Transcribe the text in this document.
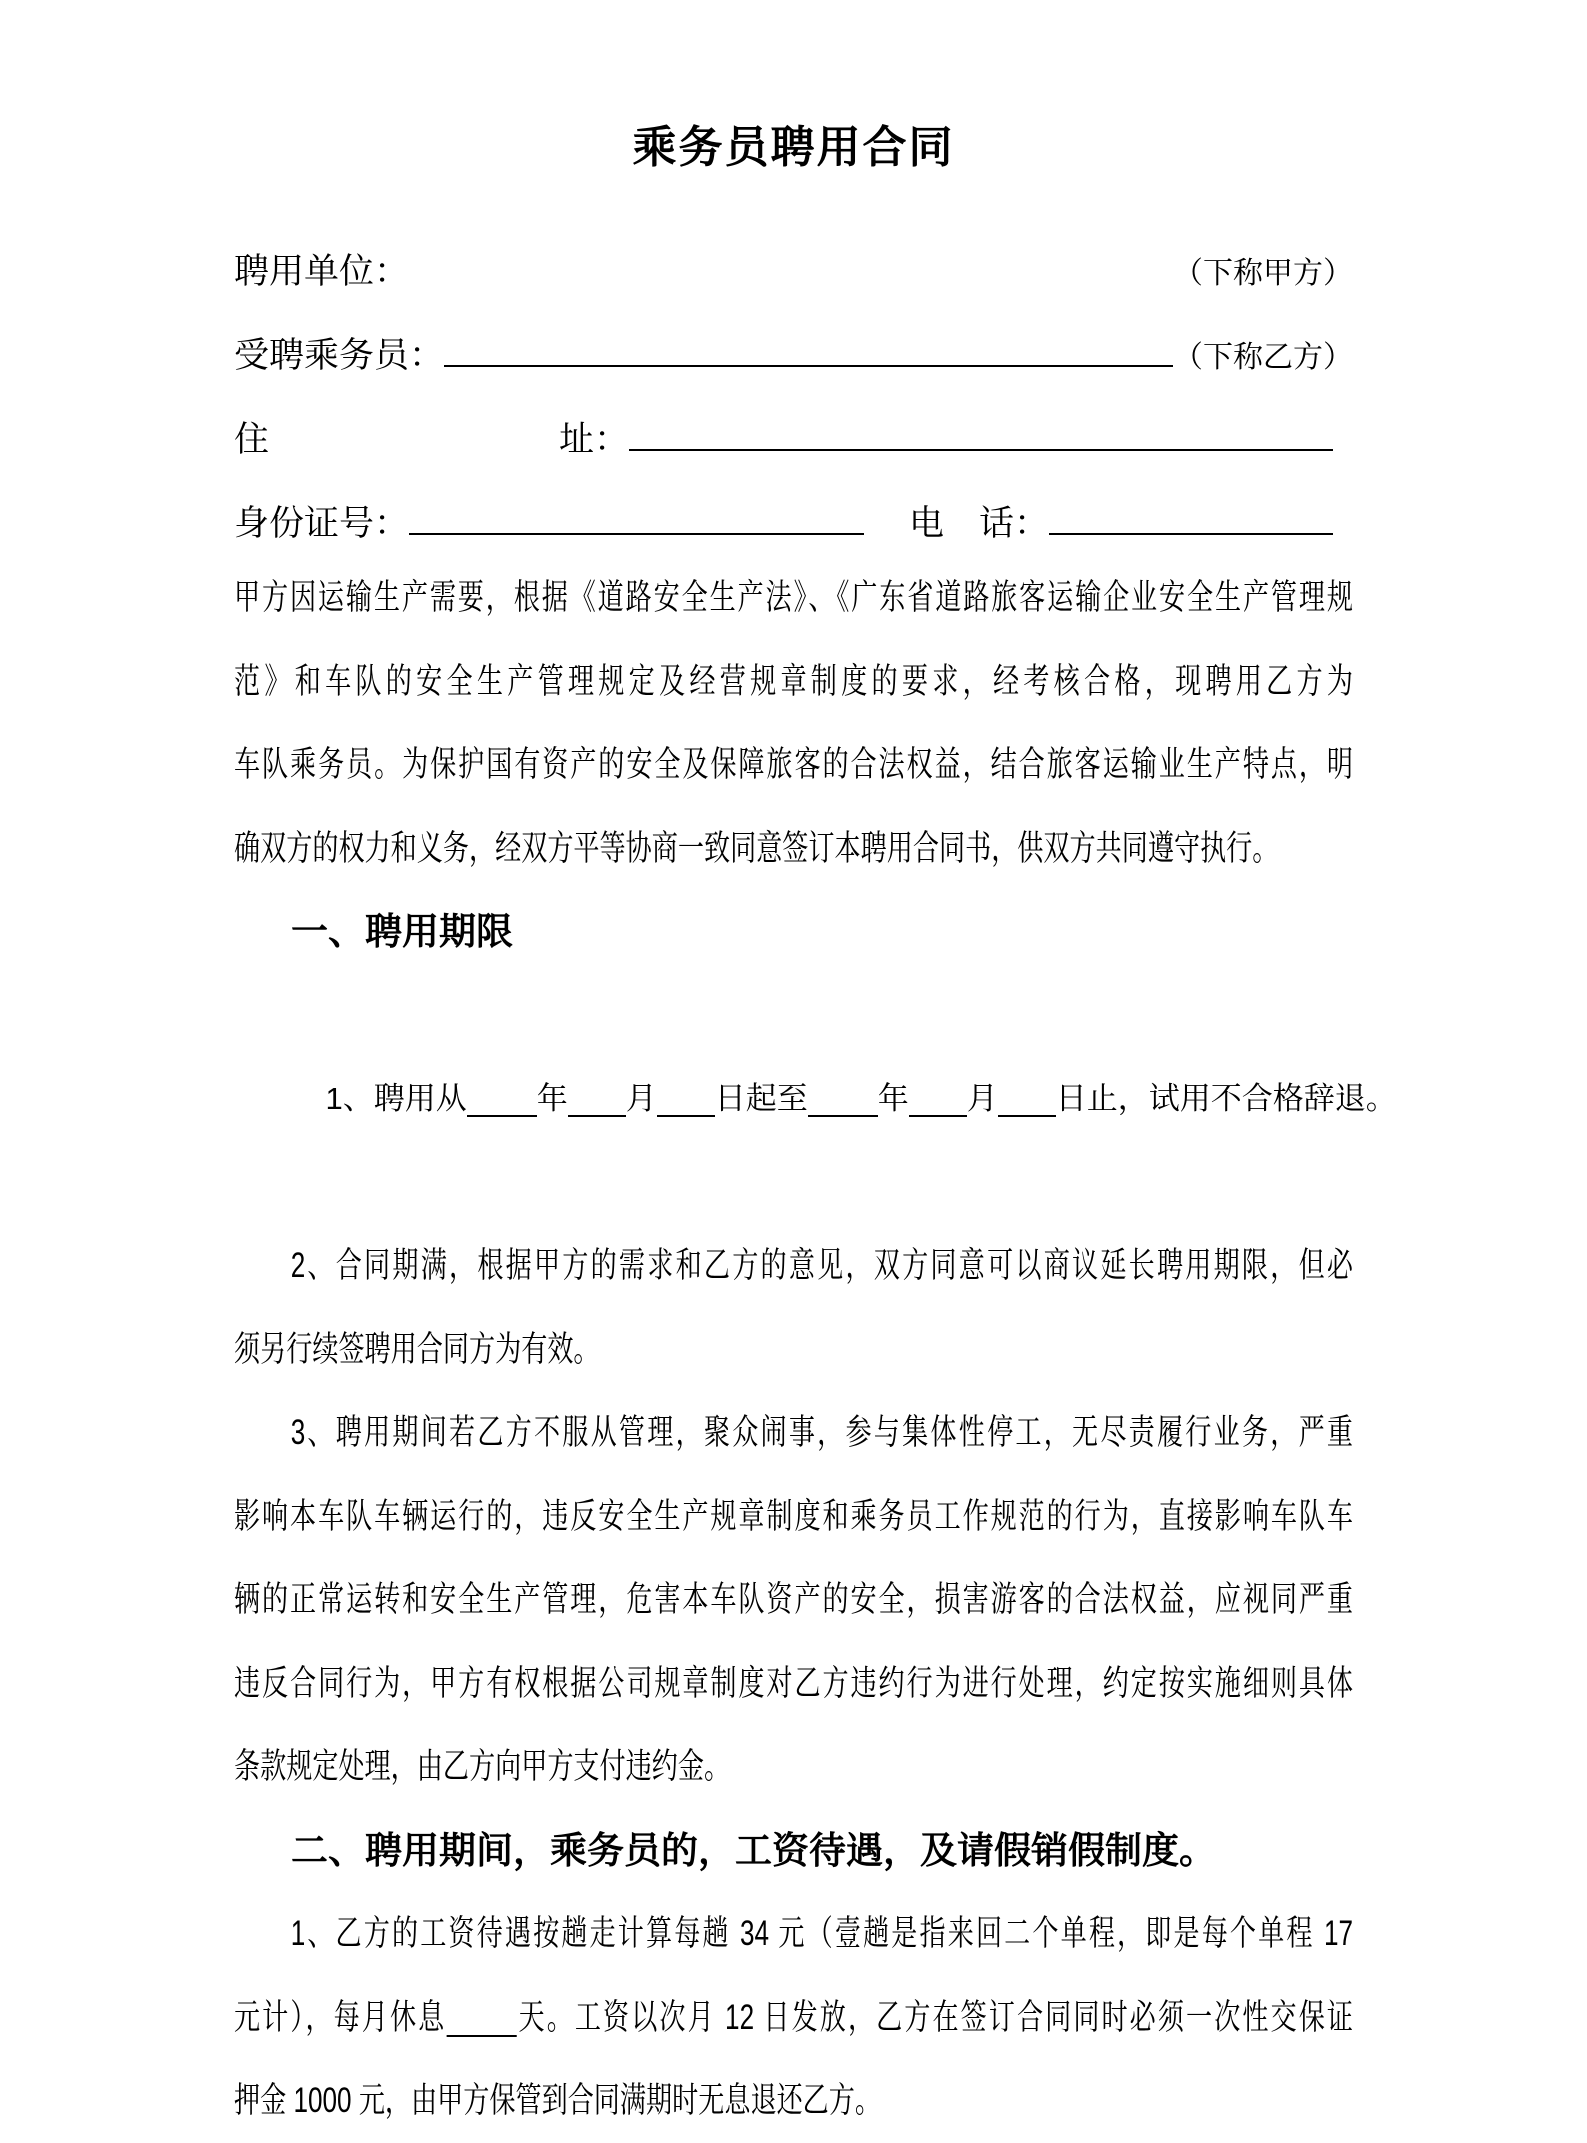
乘务员聘用合同
聘用单位：	（下称甲方）
受聘乘务员：	（下称乙方）
住	址：
身份证号：	电　话：
甲方因运输生产需要，根据《道路安全生产法》、《广东省道路旅客运输企业安全生产管理规
范》和车队的安全生产管理规定及经营规章制度的要求，经考核合格，现聘用乙方为
车队乘务员。为保护国有资产的安全及保障旅客的合法权益，结合旅客运输业生产特点，明
确双方的权力和义务，经双方平等协商一致同意签订本聘用合同书，供双方共同遵守执行。
一、聘用期限

1、聘用从 年 月 日起至 年 月 日止，试用不合格辞退。

2、合同期满，根据甲方的需求和乙方的意见，双方同意可以商议延长聘用期限，但必
须另行续签聘用合同方为有效。
3、聘用期间若乙方不服从管理，聚众闹事，参与集体性停工，无尽责履行业务，严重
影响本车队车辆运行的，违反安全生产规章制度和乘务员工作规范的行为，直接影响车队车
辆的正常运转和安全生产管理，危害本车队资产的安全，损害游客的合法权益，应视同严重
违反合同行为，甲方有权根据公司规章制度对乙方违约行为进行处理，约定按实施细则具体
条款规定处理，由乙方向甲方支付违约金。
二、聘用期间，乘务员的，工资待遇，及请假销假制度。
1、乙方的工资待遇按趟走计算每趟 34 元（壹趟是指来回二个单程，即是每个单程 17
元计），每月休息 天。工资以次月 12 日发放，乙方在签订合同同时必须一次性交保证
押金 1000 元，由甲方保管到合同满期时无息退还乙方。
